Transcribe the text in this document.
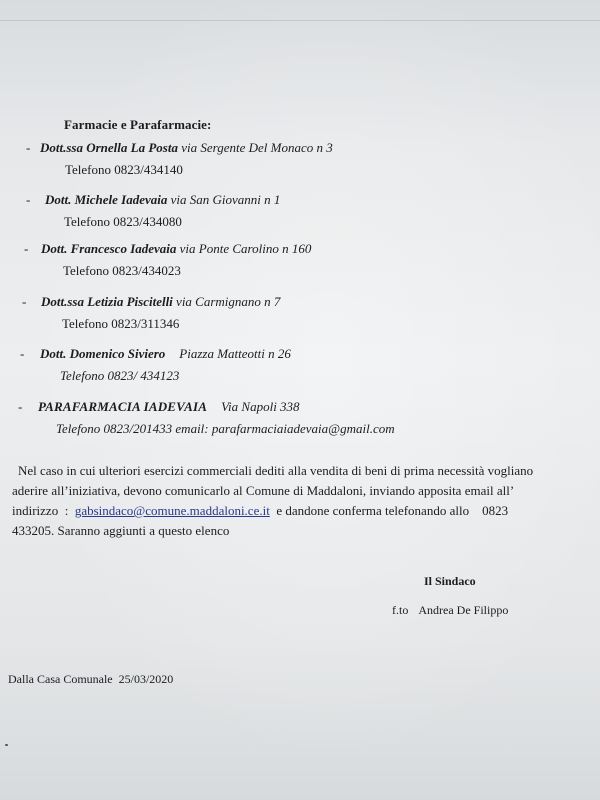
Farmacie e Parafarmacie:
- Dott.ssa Ornella La Posta via Sergente Del Monaco n 3
Telefono 0823/434140
- Dott. Michele Iadevaia via San Giovanni n 1
Telefono 0823/434080
- Dott. Francesco Iadevaia via Ponte Carolino n 160
Telefono 0823/434023
- Dott.ssa Letizia Piscitelli via Carmignano n 7
Telefono 0823/311346
- Dott. Domenico Siviero Piazza Matteotti n 26
Telefono 0823/ 434123
- PARAFARMACIA IADEVAIA Via Napoli 338
Telefono 0823/201433 email: parafarmaciaiadevaia@gmail.com
Nel caso in cui ulteriori esercizi commerciali dediti alla vendita di beni di prima necessità vogliano
aderire all’iniziativa, devono comunicarlo al Comune di Maddaloni, inviando apposita email all’
indirizzo  :  gabsindaco@comune.maddaloni.ce.it  e dandone conferma telefonando allo    0823
433205. Saranno aggiunti a questo elenco
Il Sindaco
f.to Andrea De Filippo
Dalla Casa Comunale  25/03/2020
